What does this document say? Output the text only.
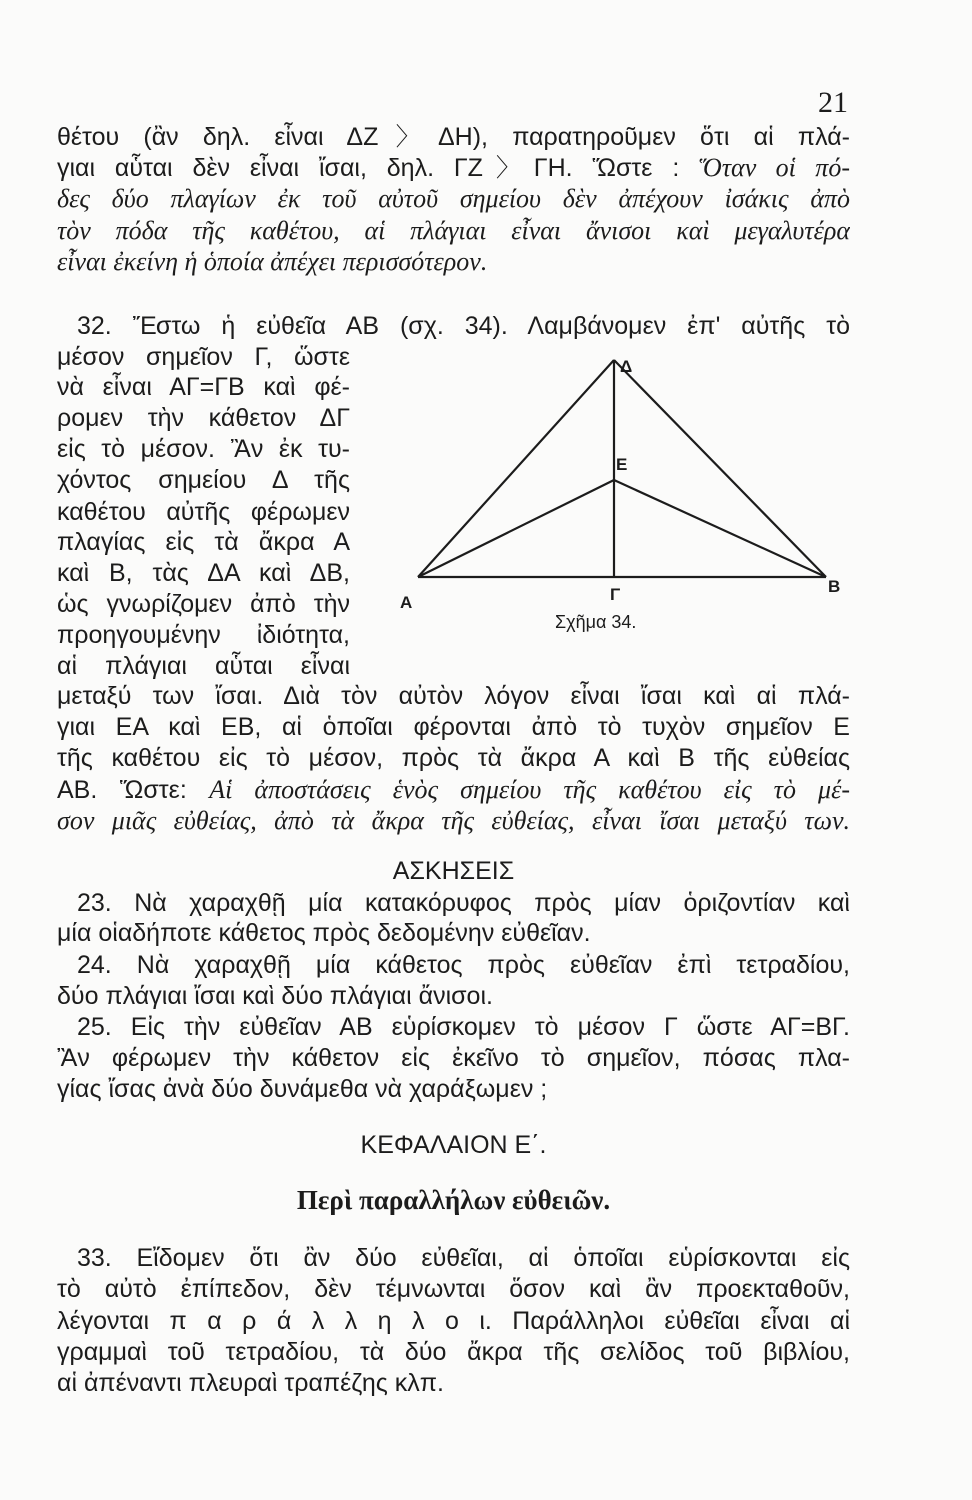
21
θέτου (ἂν δηλ. εἶναι ΔΖ〉ΔΗ), παρατηροῦμεν ὅτι αἱ πλά-
γιαι αὗται δὲν εἶναι ἴσαι, δηλ. ΓΖ〉ΓΗ. Ὥστε : Ὅταν οἱ πό-
δες δύο πλαγίων ἐκ τοῦ αὐτοῦ σημείου δὲν ἀπέχουν ἰσάκις ἀπὸ
τὸν πόδα τῆς καθέτου, αἱ πλάγιαι εἶναι ἄνισοι καὶ μεγαλυτέρα
εἶναι ἐκείνη ἡ ὁποία ἀπέχει περισσότερον.
32. Ἔστω ἡ εὐθεῖα ΑΒ (σχ. 34). Λαμβάνομεν ἐπ' αὐτῆς τὸ
μέσον σημεῖον Γ, ὥστε
νὰ εἶναι ΑΓ=ΓΒ καὶ φέ-
ρομεν τὴν κάθετον ΔΓ
εἰς τὸ μέσον. Ἂν ἐκ τυ-
χόντος σημείου Δ τῆς
καθέτου αὐτῆς φέρωμεν
πλαγίας εἰς τὰ ἄκρα Α
καὶ Β, τὰς ΔΑ καὶ ΔΒ,
ὡς γνωρίζομεν ἀπὸ τὴν
προηγουμένην ἰδιότητα,
αἱ πλάγιαι αὗται εἶναι
μεταξύ των ἴσαι. Διὰ τὸν αὐτὸν λόγον εἶναι ἴσαι καὶ αἱ πλά-
γιαι ΕΑ καὶ ΕΒ, αἱ ὁποῖαι φέρονται ἀπὸ τὸ τυχὸν σημεῖον Ε
τῆς καθέτου εἰς τὸ μέσον, πρὸς τὰ ἄκρα Α καὶ Β τῆς εὐθείας
ΑΒ. Ὥστε: Αἱ ἀποστάσεις ἑνὸς σημείου τῆς καθέτου εἰς τὸ μέ-
σον μιᾶς εὐθείας, ἀπὸ τὰ ἄκρα τῆς εὐθείας, εἶναι ἴσαι μεταξύ των.
ΑΣΚΗΣΕΙΣ
23. Νὰ χαραχθῇ μία κατακόρυφος πρὸς μίαν ὁριζοντίαν καὶ
μία οἱαδήποτε κάθετος πρὸς δεδομένην εὐθεῖαν.
24. Νὰ χαραχθῇ μία κάθετος πρὸς εὐθεῖαν ἐπὶ τετραδίου,
δύο πλάγιαι ἴσαι καὶ δύο πλάγιαι ἄνισοι.
25. Εἰς τὴν εὐθεῖαν ΑΒ εὑρίσκομεν τὸ μέσον Γ ὥστε ΑΓ=ΒΓ.
Ἂν φέρωμεν τὴν κάθετον εἰς ἐκεῖνο τὸ σημεῖον, πόσας πλα-
γίας ἴσας ἀνὰ δύο δυνάμεθα νὰ χαράξωμεν ;
ΚΕΦΑΛΑΙΟΝ Ε΄.
Περὶ παραλλήλων εὐθειῶν.
33. Εἴδομεν ὅτι ἂν δύο εὐθεῖαι, αἱ ὁποῖαι εὑρίσκονται εἰς
τὸ αὐτὸ ἐπίπεδον, δὲν τέμνωνται ὅσον καὶ ἂν προεκταθοῦν,
λέγονται π α ρ ά λ λ η λ ο ι. Παράλληλοι εὐθεῖαι εἶναι αἱ
γραμμαὶ τοῦ τετραδίου, τὰ δύο ἄκρα τῆς σελίδος τοῦ βιβλίου,
αἱ ἀπέναντι πλευραὶ τραπέζης κλπ.
Δ
Ε
Α	Γ	Β
Σχῆμα 34.
